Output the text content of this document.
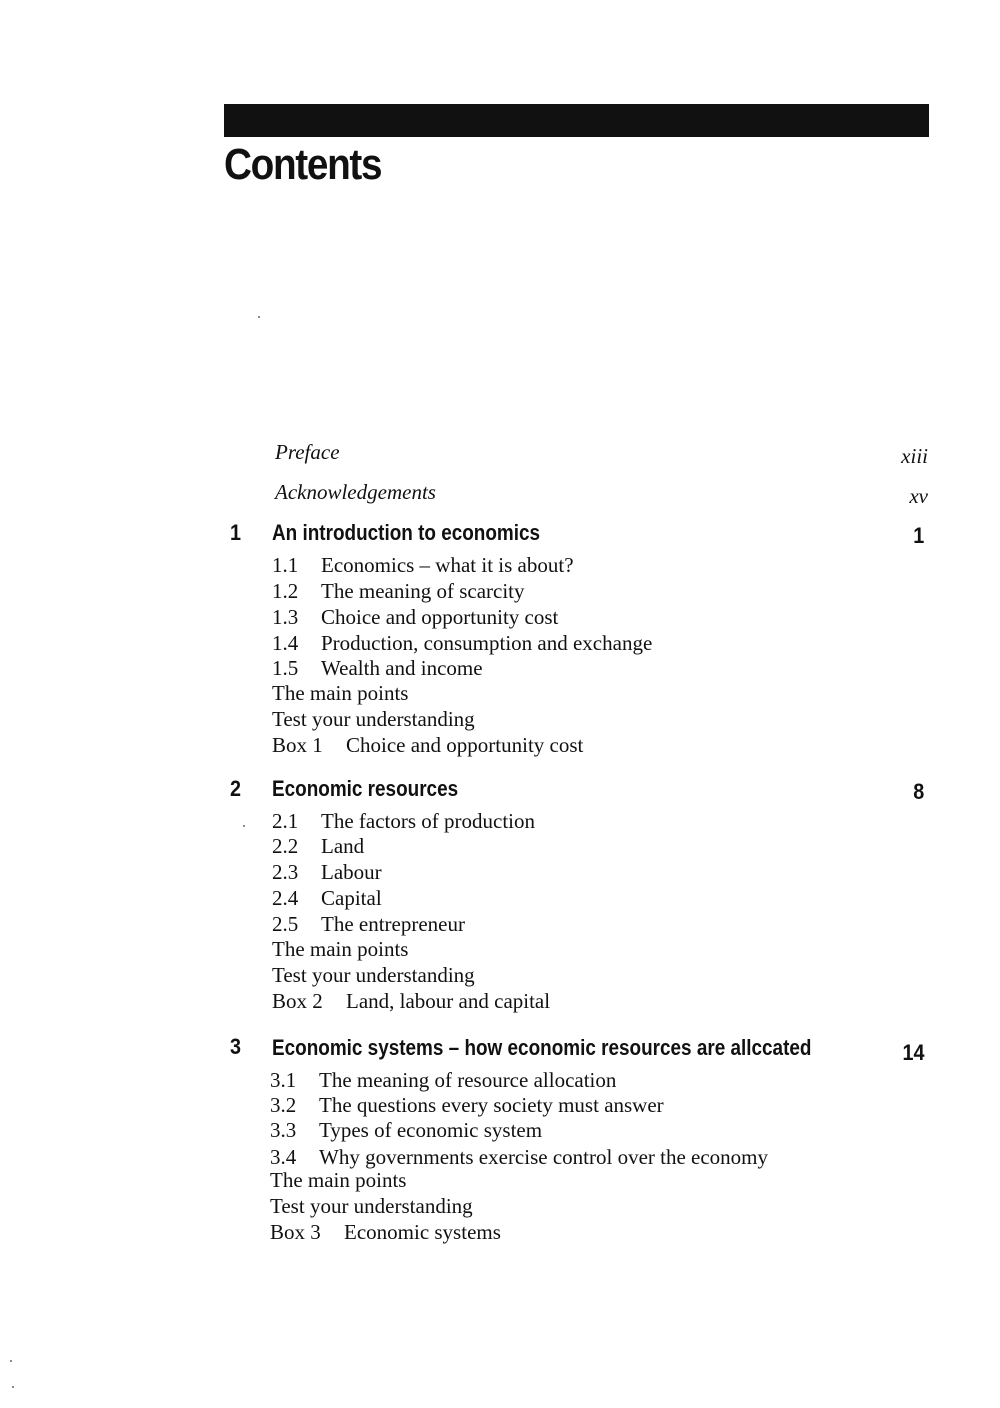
Contents
Preface	xiii
Acknowledgements	xv
1 An introduction to economics	1
1.1 Economics – what it is about?
1.2 The meaning of scarcity
1.3 Choice and opportunity cost
1.4 Production, consumption and exchange
1.5 Wealth and income
The main points
Test your understanding
Box 1 Choice and opportunity cost
2 Economic resources	8
2.1 The factors of production
2.2 Land
2.3 Labour
2.4 Capital
2.5 The entrepreneur
The main points
Test your understanding
Box 2 Land, labour and capital
3 Economic systems – how economic resources are allccated	14
3.1 The meaning of resource allocation
3.2 The questions every society must answer
3.3 Types of economic system
3.4 Why governments exercise control over the economy
The main points
Test your understanding
Box 3 Economic systems
